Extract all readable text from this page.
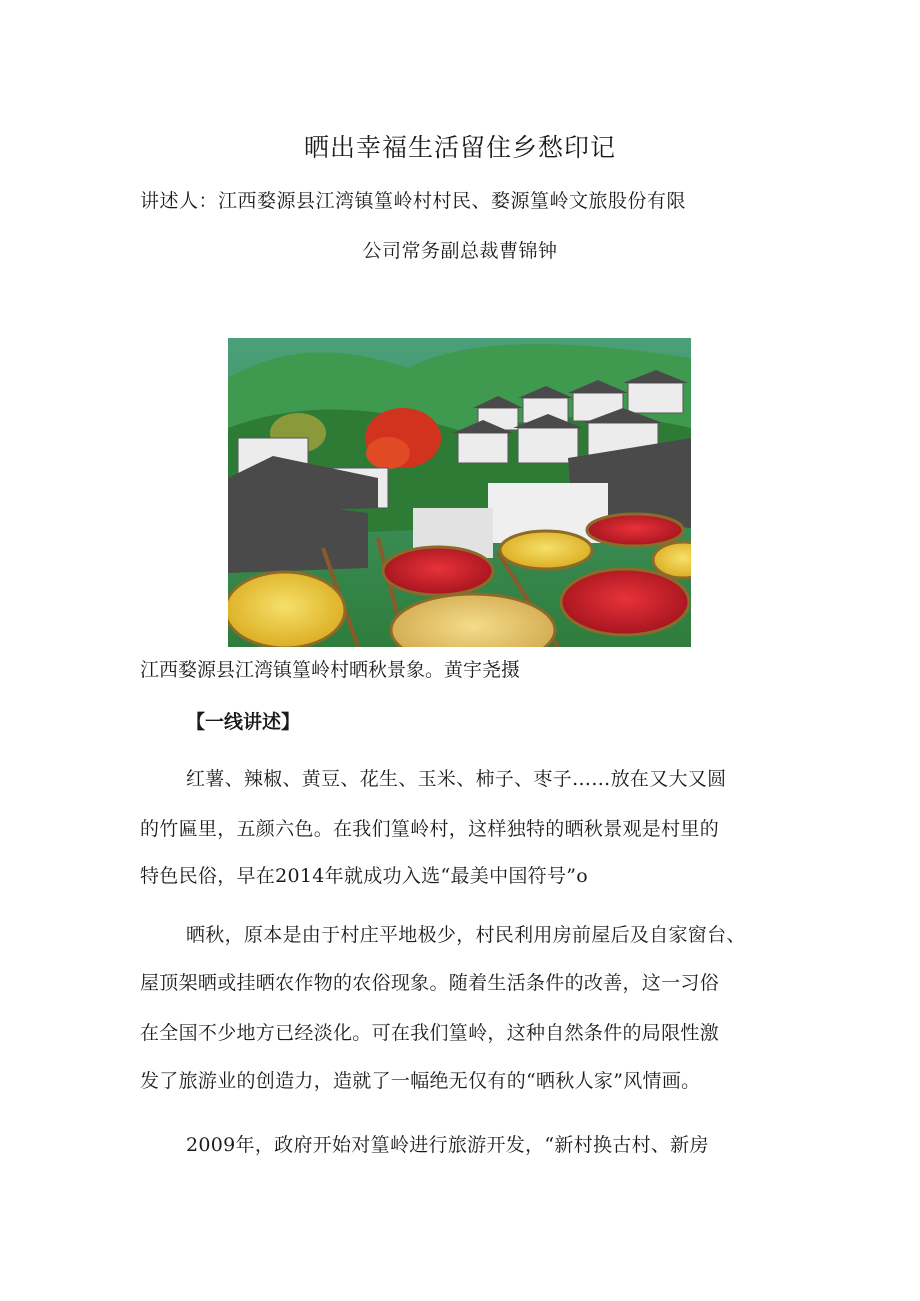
晒出幸福生活留住乡愁印记
讲述人：江西婺源县江湾镇篁岭村村民、婺源篁岭文旅股份有限
公司常务副总裁曹锦钟
江西婺源县江湾镇篁岭村晒秋景象。黄宇尧摄
【一线讲述】
红薯、辣椒、黄豆、花生、玉米、柿子、枣子……放在又大又圆
的竹匾里，五颜六色。在我们篁岭村，这样独特的晒秋景观是村里的
特色民俗，早在2014年就成功入选“最美中国符号”o
晒秋，原本是由于村庄平地极少，村民利用房前屋后及自家窗台、
屋顶架晒或挂晒农作物的农俗现象。随着生活条件的改善，这一习俗
在全国不少地方已经淡化。可在我们篁岭，这种自然条件的局限性激
发了旅游业的创造力，造就了一幅绝无仅有的“晒秋人家”风情画。
2009年，政府开始对篁岭进行旅游开发，“新村换古村、新房
